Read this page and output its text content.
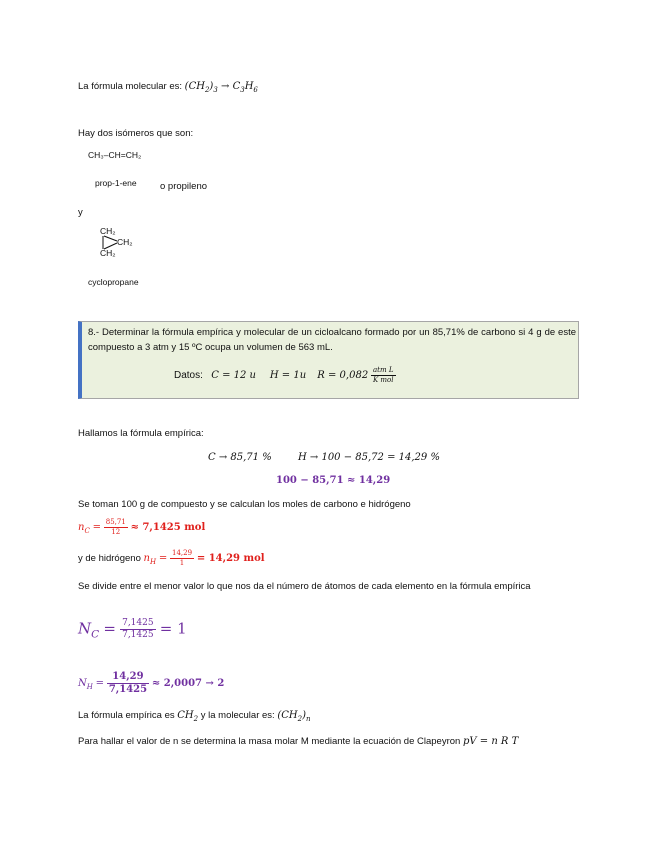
La fórmula molecular es: $(CH_2)_3 \to C_3H_6$
Hay dos isómeros que son:
CH₃–CH=CH₂
prop-1-ene o propileno
y
CH₂
CH₂
CH₂
cyclopropane
8.- Determinar la fórmula empírica y molecular de un cicloalcano formado por un 85,71% de carbono si 4 g de este compuesto a 3 atm y 15 ºC ocupa un volumen de 563 mL.
Datos: C = 12 u H = 1u $R = 0,082 \frac{\text{atm L}}{\text{K mol}}$
Hallamos la fórmula empírica:
C → 85,71 %	H → 100 − 85,72 = 14,29 %
100 − 85,71 ≈ 14,29
Se toman 100 g de compuesto y se calculan los moles de carbono e hidrógeno
$n_C = \frac{85,71}{12} \approx 7,1425$ mol
y de hidrógeno $n_H = \frac{14,29}{1} = 14,29$ mol
Se divide entre el menor valor lo que nos da el número de átomos de cada elemento en la fórmula empírica
$N_C = \frac{7,1425}{7,1425} = 1$
$N_H = \frac{14,29}{7,1425} \approx 2,0007 \to 2$
La fórmula empírica es $CH_2$ y la molecular es: $(CH_2)_n$
Para hallar el valor de n se determina la masa molar M mediante la ecuación de Clapeyron pV = n R T
